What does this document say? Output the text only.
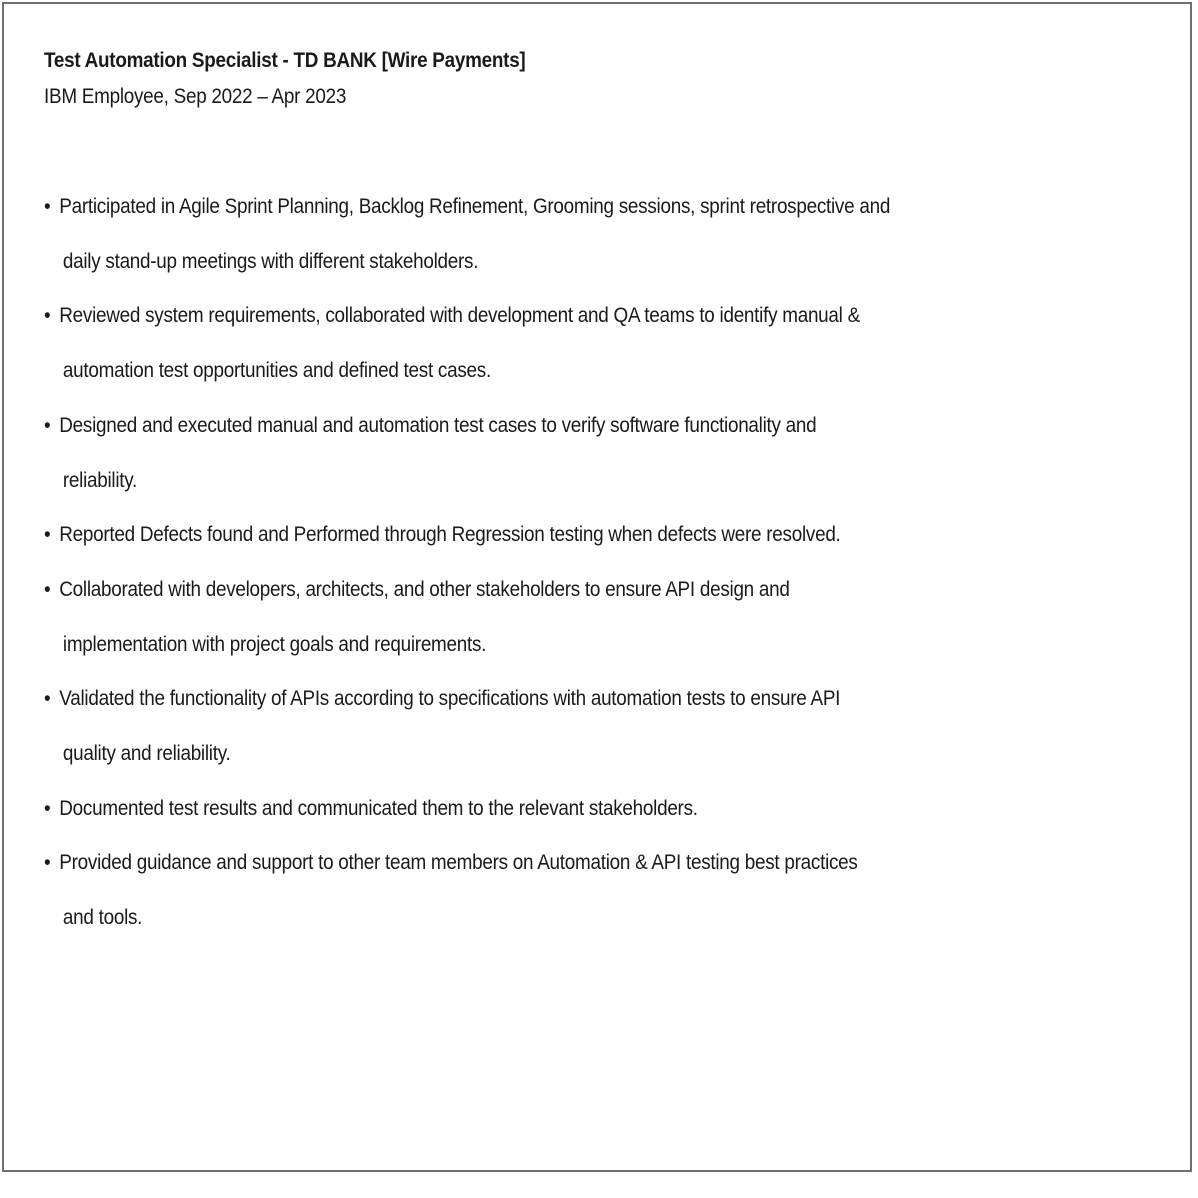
Test Automation Specialist - TD BANK [Wire Payments]
IBM Employee, Sep 2022 – Apr 2023
• Participated in Agile Sprint Planning, Backlog Refinement, Grooming sessions, sprint retrospective and
daily stand-up meetings with different stakeholders.
• Reviewed system requirements, collaborated with development and QA teams to identify manual &
automation test opportunities and defined test cases.
• Designed and executed manual and automation test cases to verify software functionality and
reliability.
• Reported Defects found and Performed through Regression testing when defects were resolved.
• Collaborated with developers, architects, and other stakeholders to ensure API design and
implementation with project goals and requirements.
• Validated the functionality of APIs according to specifications with automation tests to ensure API
quality and reliability.
• Documented test results and communicated them to the relevant stakeholders.
• Provided guidance and support to other team members on Automation & API testing best practices
and tools.
